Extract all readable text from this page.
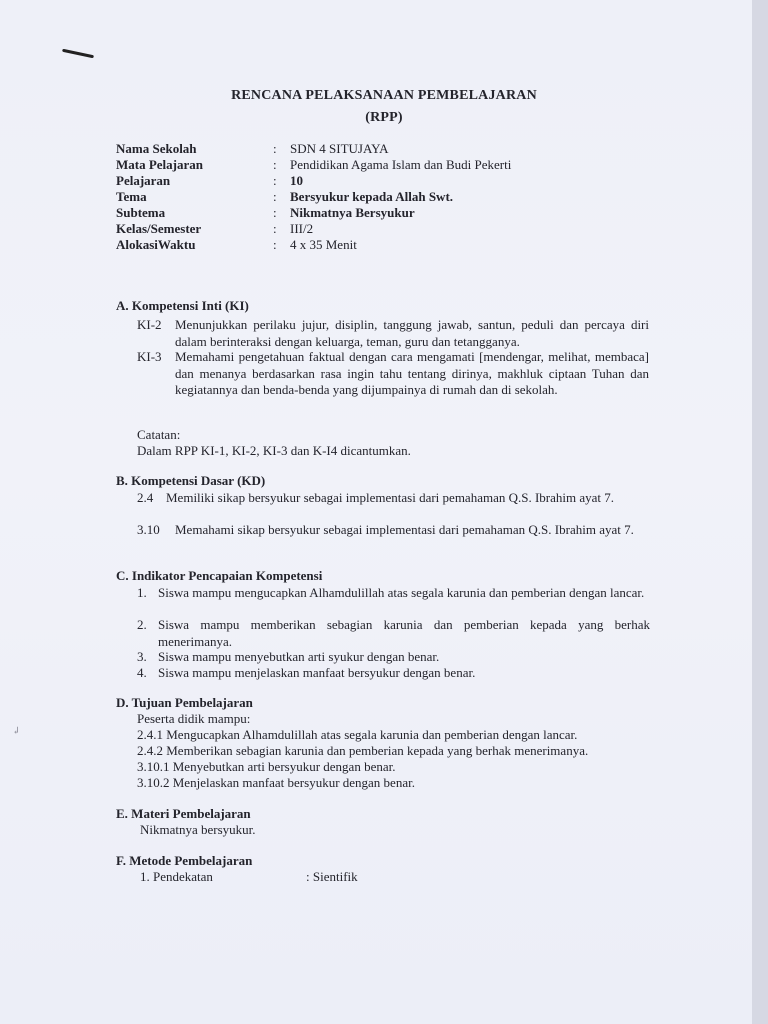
↲
RENCANA PELAKSANAAN PEMBELAJARAN
(RPP)
Nama Sekolah	: SDN 4 SITUJAYA
Mata Pelajaran	: Pendidikan Agama Islam dan Budi Pekerti
Pelajaran	: 10
Tema	: Bersyukur kepada Allah Swt.
Subtema	: Nikmatnya Bersyukur
Kelas/Semester	: III/2
AlokasiWaktu	: 4 x 35 Menit
A. Kompetensi Inti (KI)
KI-2 Menunjukkan perilaku jujur, disiplin, tanggung jawab, santun, peduli dan percaya diri dalam berinteraksi dengan keluarga, teman, guru dan tetangganya.
KI-3 Memahami pengetahuan faktual dengan cara mengamati [mendengar, melihat, membaca] dan menanya berdasarkan rasa ingin tahu tentang dirinya, makhluk ciptaan Tuhan dan kegiatannya dan benda-benda yang dijumpainya di rumah dan di sekolah.
Catatan:
Dalam RPP KI-1, KI-2, KI-3 dan K-I4 dicantumkan.
B. Kompetensi Dasar (KD)
2.4 Memiliki sikap bersyukur sebagai implementasi dari pemahaman Q.S. Ibrahim ayat 7.
3.10 Memahami sikap bersyukur sebagai implementasi dari pemahaman Q.S. Ibrahim ayat 7.
C. Indikator Pencapaian Kompetensi
1. Siswa mampu mengucapkan Alhamdulillah atas segala karunia dan pemberian dengan lancar.
2. Siswa mampu memberikan sebagian karunia dan pemberian kepada yang berhak menerimanya.
3. Siswa mampu menyebutkan arti syukur dengan benar.
4. Siswa mampu menjelaskan manfaat bersyukur dengan benar.
D. Tujuan Pembelajaran
Peserta didik mampu:
2.4.1 Mengucapkan Alhamdulillah atas segala karunia dan pemberian dengan lancar.
2.4.2 Memberikan sebagian karunia dan pemberian kepada yang berhak menerimanya.
3.10.1 Menyebutkan arti bersyukur dengan benar.
3.10.2 Menjelaskan manfaat bersyukur dengan benar.
E. Materi Pembelajaran
Nikmatnya bersyukur.
F. Metode Pembelajaran
1. Pendekatan	: Sientifik
